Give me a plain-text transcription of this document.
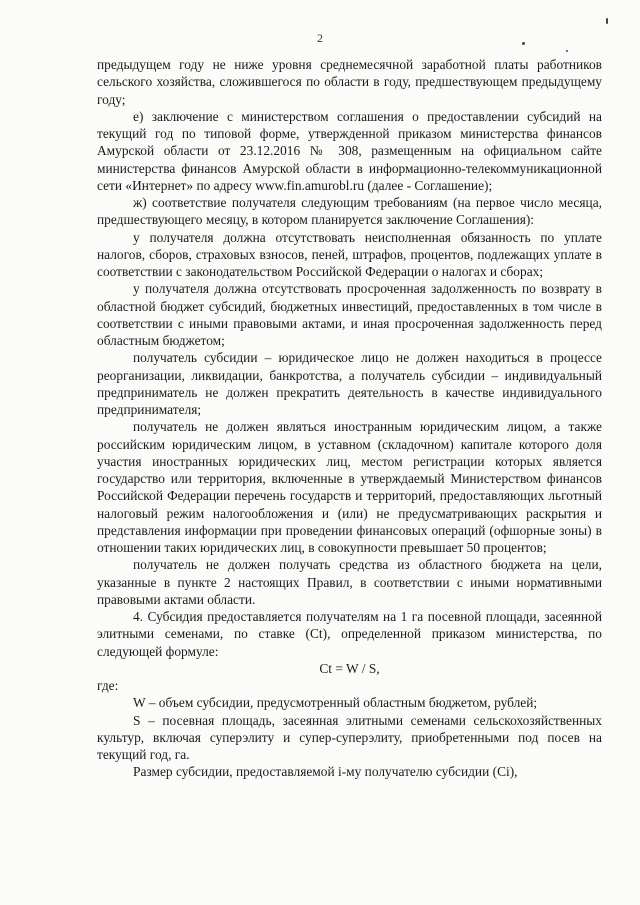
2

предыдущем году не ниже уровня среднемесячной заработной платы работников сельского хозяйства, сложившегося по области в году, предшествующем предыдущему году;

е) заключение с министерством соглашения о предоставлении субсидий на текущий год по типовой форме, утвержденной приказом министерства финансов Амурской области от 23.12.2016 № 308, размещенным на официальном сайте министерства финансов Амурской области в информационно-телекоммуникационной сети «Интернет» по адресу www.fin.amurobl.ru (далее - Соглашение);

ж) соответствие получателя следующим требованиям (на первое число месяца, предшествующего месяцу, в котором планируется заключение Соглашения):

у получателя должна отсутствовать неисполненная обязанность по уплате налогов, сборов, страховых взносов, пеней, штрафов, процентов, подлежащих уплате в соответствии с законодательством Российской Федерации о налогах и сборах;

у получателя должна отсутствовать просроченная задолженность по возврату в областной бюджет субсидий, бюджетных инвестиций, предоставленных в том числе в соответствии с иными правовыми актами, и иная просроченная задолженность перед областным бюджетом;

получатель субсидии – юридическое лицо не должен находиться в процессе реорганизации, ликвидации, банкротства, а получатель субсидии – индивидуальный предприниматель не должен прекратить деятельность в качестве индивидуального предпринимателя;

получатель не должен являться иностранным юридическим лицом, а также российским юридическим лицом, в уставном (складочном) капитале которого доля участия иностранных юридических лиц, местом регистрации которых является государство или территория, включенные в утверждаемый Министерством финансов Российской Федерации перечень государств и территорий, предоставляющих льготный налоговый режим налогообложения и (или) не предусматривающих раскрытия и представления информации при проведении финансовых операций (офшорные зоны) в отношении таких юридических лиц, в совокупности превышает 50 процентов;

получатель не должен получать средства из областного бюджета на цели, указанные в пункте 2 настоящих Правил, в соответствии с иными нормативными правовыми актами области.

4. Субсидия предоставляется получателям на 1 га посевной площади, засеянной элитными семенами, по ставке (Ct), определенной приказом министерства, по следующей формуле:

Ct = W / S,

где:

W – объем субсидии, предусмотренный областным бюджетом, рублей;

S – посевная площадь, засеянная элитными семенами сельскохозяйственных культур, включая суперэлиту и супер-суперэлиту, приобретенными под посев на текущий год, га.

Размер субсидии, предоставляемой i-му получателю субсидии (Ci),
